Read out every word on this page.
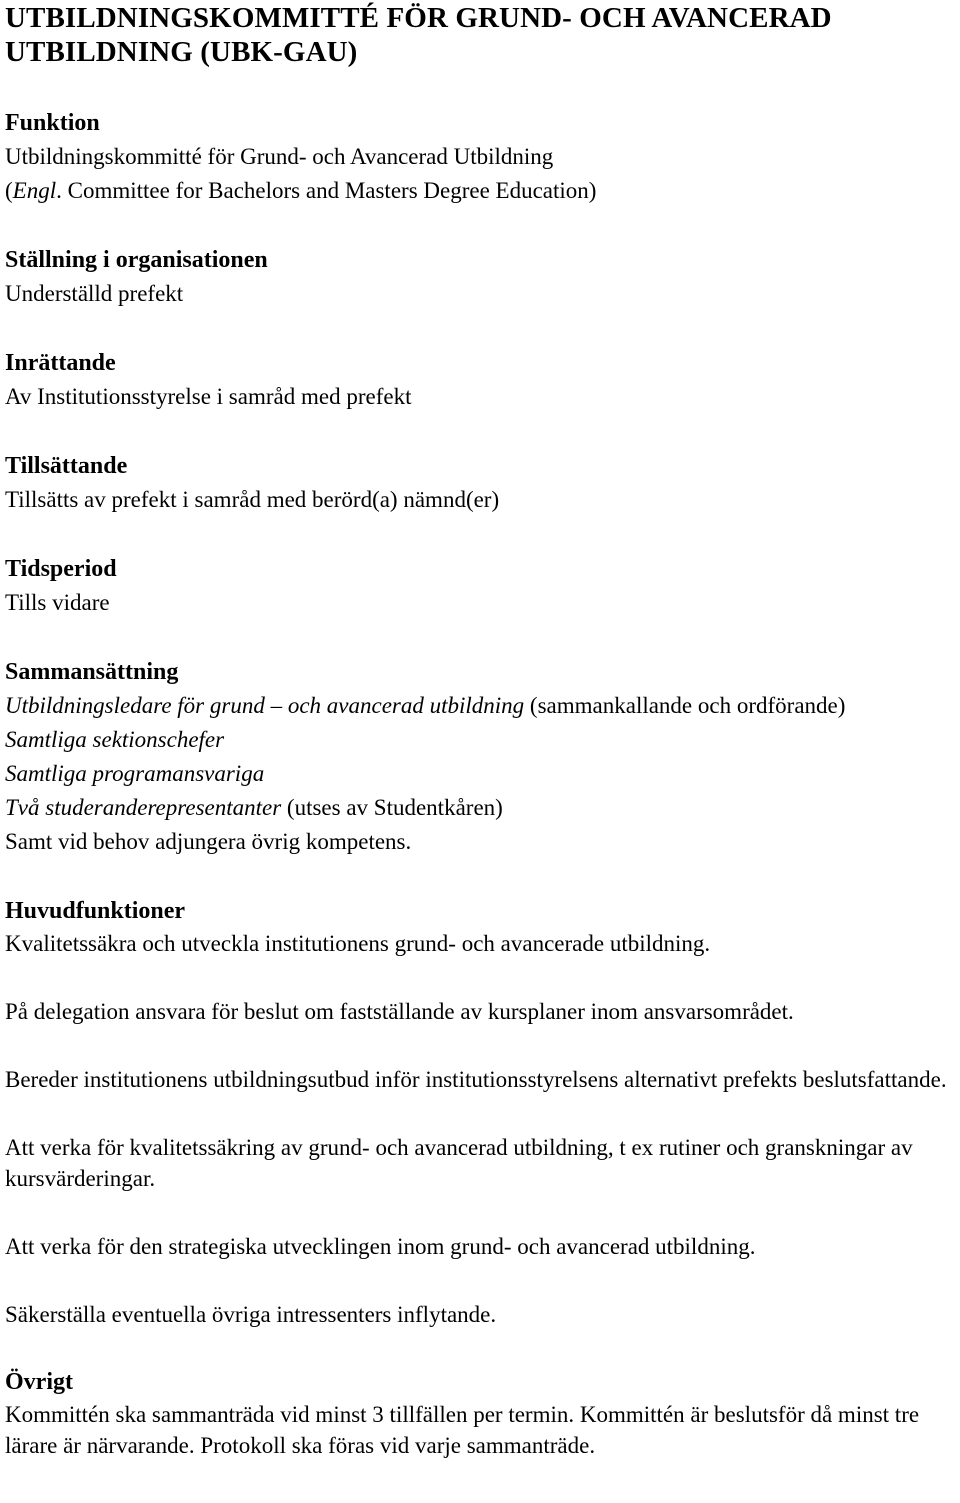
UTBILDNINGSKOMMITTÉ FÖR GRUND- OCH AVANCERAD
UTBILDNING (UBK-GAU)
Funktion
Utbildningskommitté för Grund- och Avancerad Utbildning
(Engl. Committee for Bachelors and Masters Degree Education)
Ställning i organisationen
Underställd prefekt
Inrättande
Av Institutionsstyrelse i samråd med prefekt
Tillsättande
Tillsätts av prefekt i samråd med berörd(a) nämnd(er)
Tidsperiod
Tills vidare
Sammansättning
Utbildningsledare för grund – och avancerad utbildning (sammankallande och ordförande)
Samtliga sektionschefer
Samtliga programansvariga
Två studeranderepresentanter (utses av Studentkåren)
Samt vid behov adjungera övrig kompetens.
Huvudfunktioner

Kvalitetssäkra och utveckla institutionens grund- och avancerade utbildning.

På delegation ansvara för beslut om fastställande av kursplaner inom ansvarsområdet.

Bereder institutionens utbildningsutbud inför institutionsstyrelsens alternativt prefekts beslutsfattande.

Att verka för kvalitetssäkring av grund- och avancerad utbildning, t ex rutiner och granskningar av kursvärderingar.

Att verka för den strategiska utvecklingen inom grund- och avancerad utbildning.

Säkerställa eventuella övriga intressenters inflytande.

Övrigt

Kommittén ska sammanträda vid minst 3 tillfällen per termin. Kommittén är beslutsför då minst tre lärare är närvarande. Protokoll ska föras vid varje sammanträde.
